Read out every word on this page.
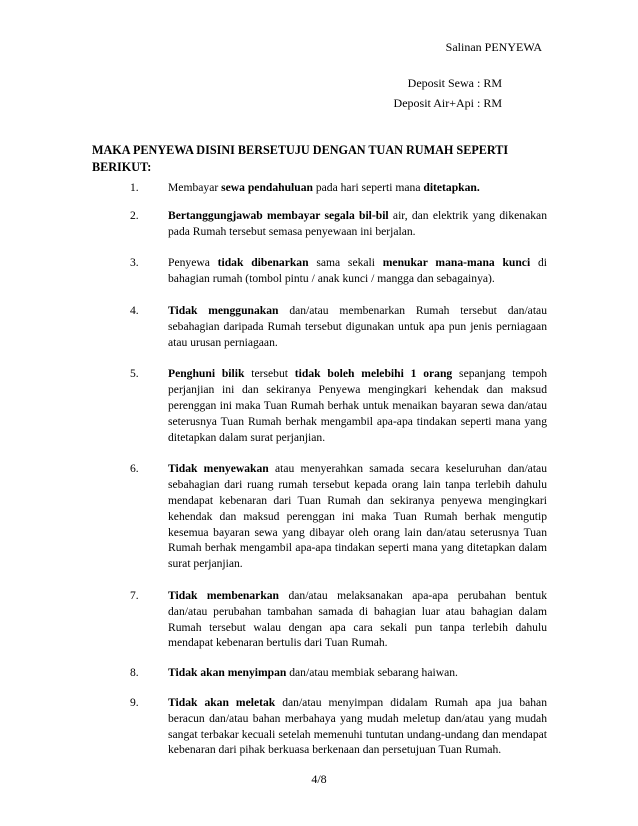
Salinan PENYEWA
Deposit Sewa : RM
Deposit Air+Api : RM
MAKA PENYEWA DISINI BERSETUJU DENGAN TUAN RUMAH SEPERTI BERIKUT:
1.	Membayar sewa pendahuluan pada hari seperti mana ditetapkan.
2.	Bertanggungjawab membayar segala bil-bil air, dan elektrik yang dikenakan pada Rumah tersebut semasa penyewaan ini berjalan.
3.	Penyewa tidak dibenarkan sama sekali menukar mana-mana kunci di bahagian rumah (tombol pintu / anak kunci / mangga dan sebagainya).
4.	Tidak menggunakan dan/atau membenarkan Rumah tersebut dan/atau sebahagian daripada Rumah tersebut digunakan untuk apa pun jenis perniagaan atau urusan perniagaan.
5.	Penghuni bilik tersebut tidak boleh melebihi 1 orang sepanjang tempoh perjanjian ini dan sekiranya Penyewa mengingkari kehendak dan maksud perenggan ini maka Tuan Rumah berhak untuk menaikan bayaran sewa dan/atau seterusnya Tuan Rumah berhak mengambil apa-apa tindakan seperti mana yang ditetapkan dalam surat perjanjian.
6.	Tidak menyewakan atau menyerahkan samada secara keseluruhan dan/atau sebahagian dari ruang rumah tersebut kepada orang lain tanpa terlebih dahulu mendapat kebenaran dari Tuan Rumah dan sekiranya penyewa mengingkari kehendak dan maksud perenggan ini maka Tuan Rumah berhak mengutip kesemua bayaran sewa yang dibayar oleh orang lain dan/atau seterusnya Tuan Rumah berhak mengambil apa-apa tindakan seperti mana yang ditetapkan dalam surat perjanjian.
7.	Tidak membenarkan dan/atau melaksanakan apa-apa perubahan bentuk dan/atau perubahan tambahan samada di bahagian luar atau bahagian dalam Rumah tersebut walau dengan apa cara sekali pun tanpa terlebih dahulu mendapat kebenaran bertulis dari Tuan Rumah.
8.	Tidak akan menyimpan dan/atau membiak sebarang haiwan.
9.	Tidak akan meletak dan/atau menyimpan didalam Rumah apa jua bahan beracun dan/atau bahan merbahaya yang mudah meletup dan/atau yang mudah sangat terbakar kecuali setelah memenuhi tuntutan undang-undang dan mendapat kebenaran dari pihak berkuasa berkenaan dan persetujuan Tuan Rumah.
4/8
